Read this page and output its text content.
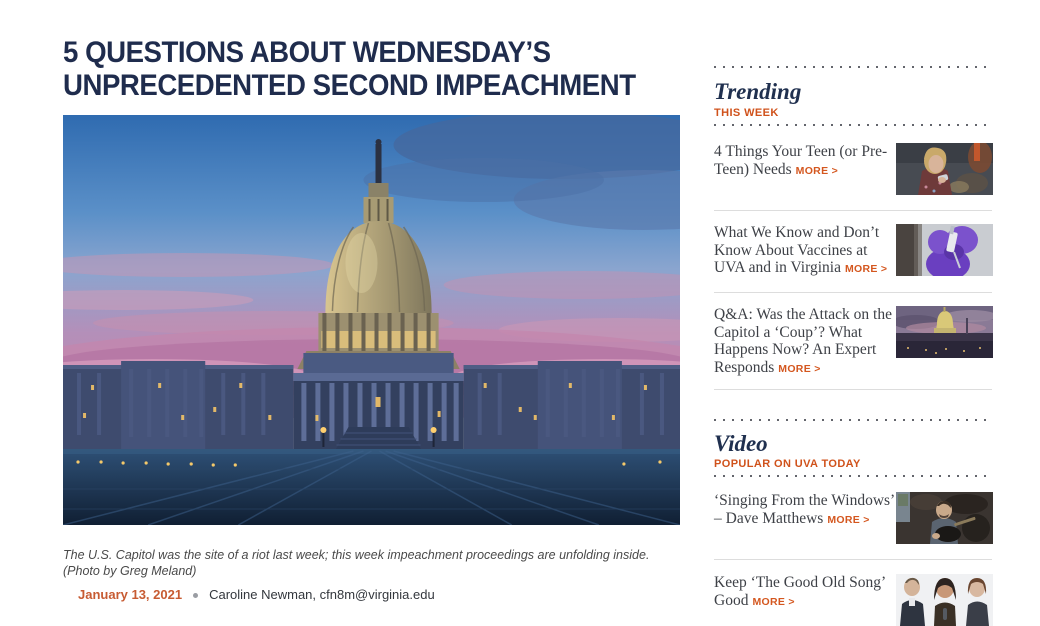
5 QUESTIONS ABOUT WEDNESDAY’S
UNPRECEDENTED SECOND IMPEACHMENT

The U.S. Capitol was the site of a riot last week; this week impeachment proceedings are unfolding inside. (Photo by Greg Meland)

January 13, 2021 Caroline Newman, cfn8m@virginia.edu
Trending
THIS WEEK
4 Things Your Teen (or Pre-Teen) Needs MORE >
What We Know and Don’t Know About Vaccines at UVA and in Virginia MORE >
Q&A: Was the Attack on the Capitol a ‘Coup’? What Happens Now? An Expert Responds MORE >
Video
POPULAR ON UVA TODAY
‘Singing From the Windows’ – Dave Matthews MORE >
Keep ‘The Good Old Song’ Good MORE >
